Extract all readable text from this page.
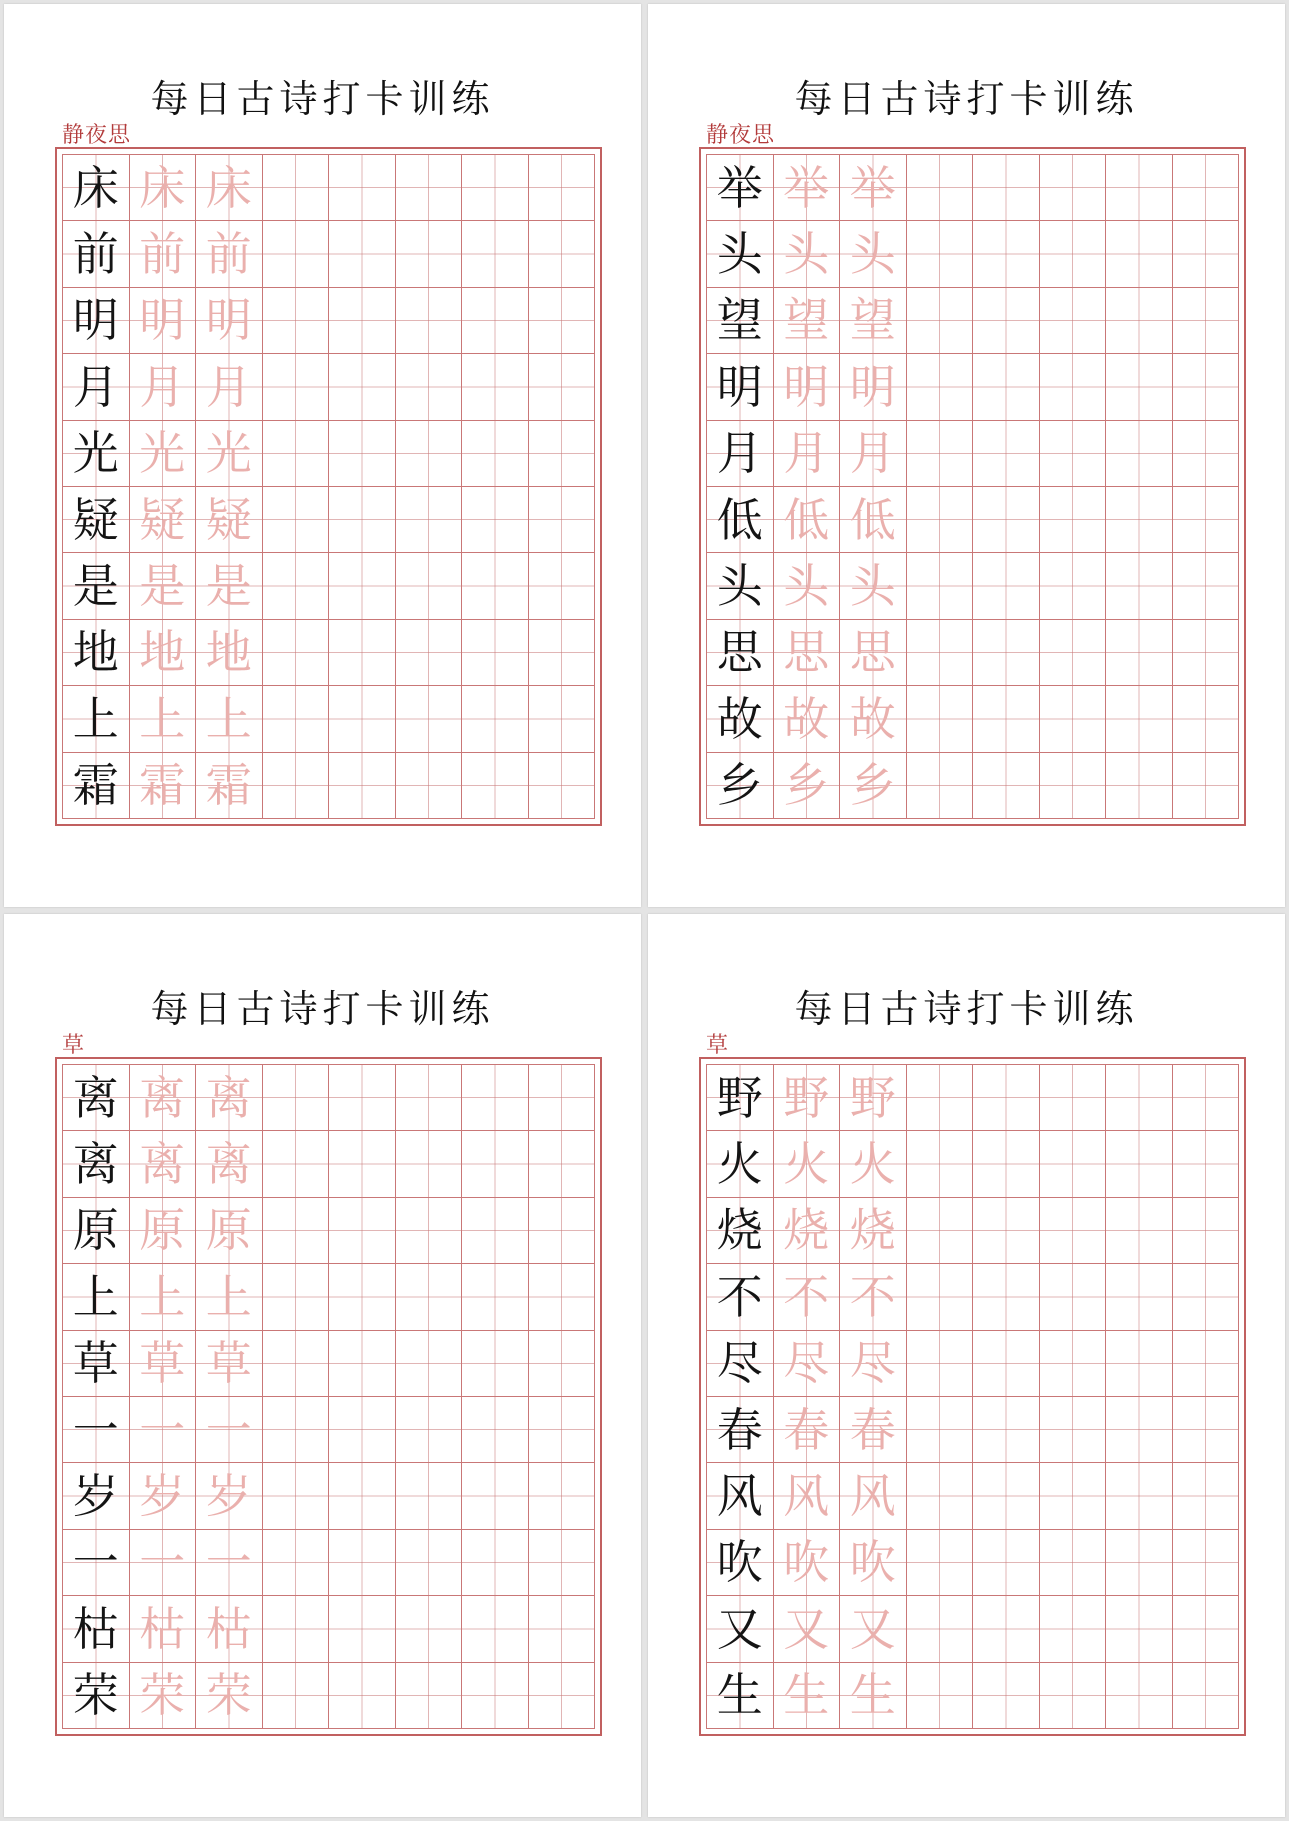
每日古诗打卡训练
静夜思
床 床 床
前 前 前
明 明 明
月 月 月
光 光 光
疑 疑 疑
是 是 是
地 地 地
上 上 上
霜 霜 霜
每日古诗打卡训练
静夜思
举 举 举
头 头 头
望 望 望
明 明 明
月 月 月
低 低 低
头 头 头
思 思 思
故 故 故
乡 乡 乡
每日古诗打卡训练
草
离 离 离
离 离 离
原 原 原
上 上 上
草 草 草
一 一 一
岁 岁 岁
一 一 一
枯 枯 枯
荣 荣 荣
每日古诗打卡训练
草
野 野 野
火 火 火
烧 烧 烧
不 不 不
尽 尽 尽
春 春 春
风 风 风
吹 吹 吹
又 又 又
生 生 生
